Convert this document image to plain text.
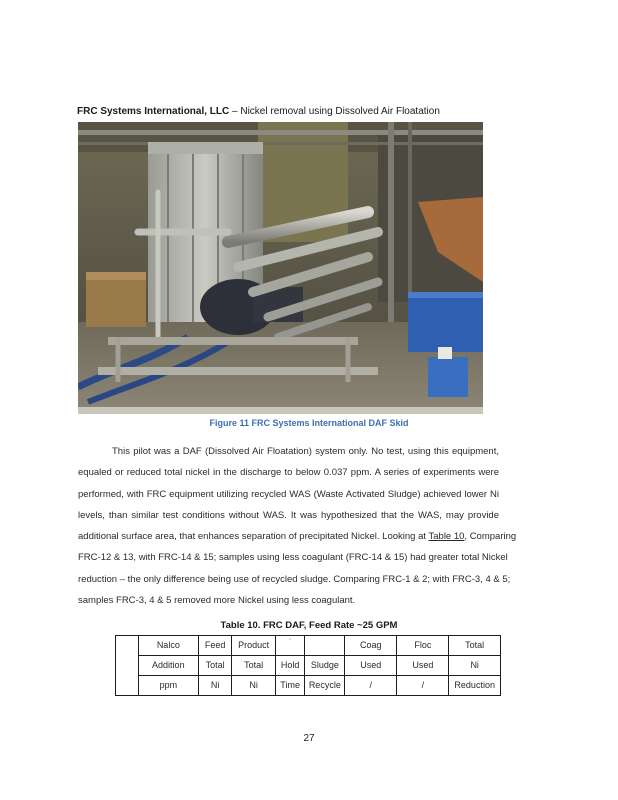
FRC Systems International, LLC – Nickel removal using Dissolved Air Floatation
Figure 11 FRC Systems International DAF Skid
This pilot was a DAF (Dissolved Air Floatation) system only. No test, using this equipment,
equaled or reduced total nickel in the discharge to below 0.037 ppm. A series of experiments were
performed, with FRC equipment utilizing recycled WAS (Waste Activated Sludge) achieved lower Ni
levels, than similar test conditions without WAS. It was hypothesized that the WAS, may provide
additional surface area, that enhances separation of precipitated Nickel. Looking at Table 10, Comparing
FRC-12 & 13, with FRC-14 & 15; samples using less coagulant (FRC-14 & 15) had greater total Nickel
reduction – the only difference being use of recycled sludge. Comparing FRC-1 & 2; with FRC-3, 4 & 5;
samples FRC-3, 4 & 5 removed more Nickel using less coagulant.
Table 10. FRC DAF, Feed Rate ~25 GPM
	Nalco	Feed	Product	'		Coag	Floc	Total
	Addition	Total	Total	Hold	Sludge	Used	Used	Ni
	ppm	Ni	Ni	Time	Recycle	/	/	Reduction
27
